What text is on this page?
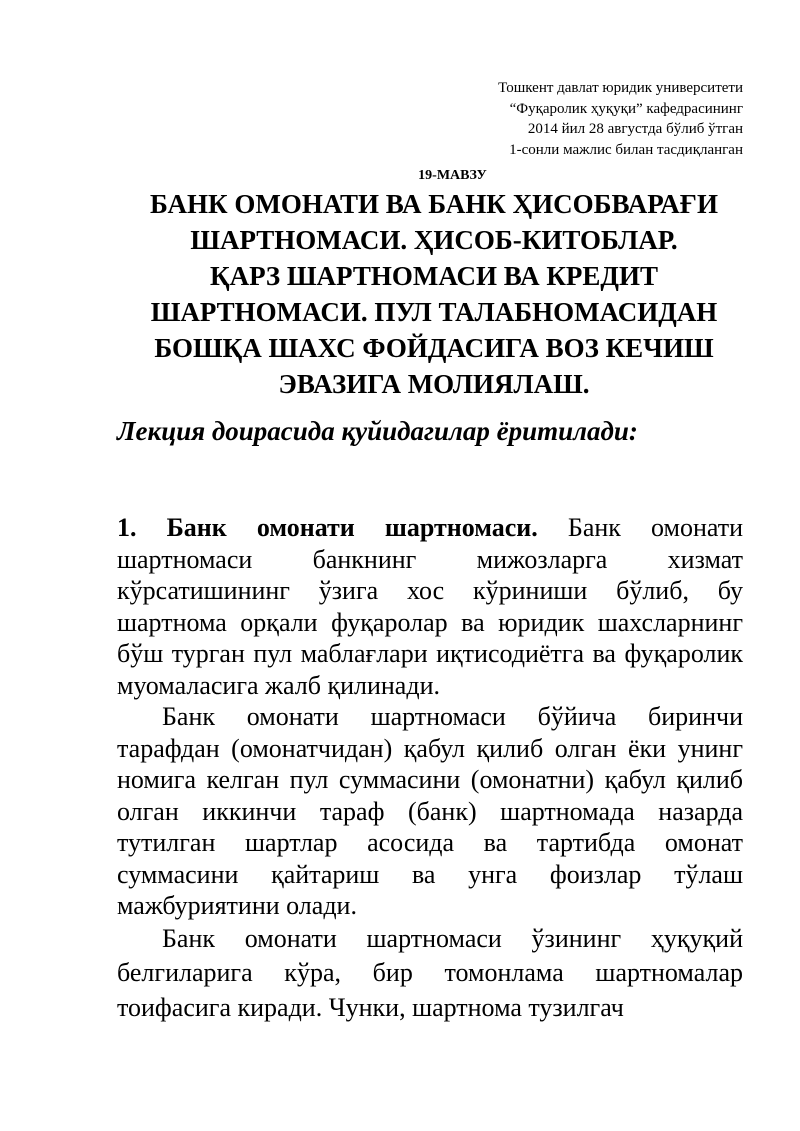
Тошкент давлат юридик университети
“Фуқаролик ҳуқуқи” кафедрасининг
2014 йил 28 августда бўлиб ўтган
1-сонли мажлис билан тасдиқланган
19-МАВЗУ
БАНК ОМОНАТИ ВА БАНК ҲИСОБВАРАҒИ
ШАРТНОМАСИ. ҲИСОБ-КИТОБЛАР.
ҚАРЗ ШАРТНОМАСИ ВА КРЕДИТ
ШАРТНОМАСИ. ПУЛ ТАЛАБНОМАСИДАН
БОШҚА ШАХС ФОЙДАСИГА ВОЗ КЕЧИШ
ЭВАЗИГА МОЛИЯЛАШ.
Лекция доирасида қуйидагилар ёритилади:

1. Банк омонати шартномаси. Банк омонати шартномаси банкнинг мижозларга хизмат кўрсатишининг ўзига хос кўриниши бўлиб, бу шартнома орқали фуқаролар ва юридик шахсларнинг бўш турган пул маблағлари иқтисодиётга ва фуқаролик муомаласига жалб қилинади.

Банк омонати шартномаси бўйича биринчи тарафдан (омонатчидан) қабул қилиб олган ёки унинг номига келган пул суммасини (омонатни) қабул қилиб олган иккинчи тараф (банк) шартномада назарда тутилган шартлар асосида ва тартибда омонат суммасини қайтариш ва унга фоизлар тўлаш мажбуриятини олади.

Банк омонати шартномаси ўзининг ҳуқуқий белгиларига кўра, бир томонлама шартномалар тоифасига киради. Чунки, шартнома тузилгач
